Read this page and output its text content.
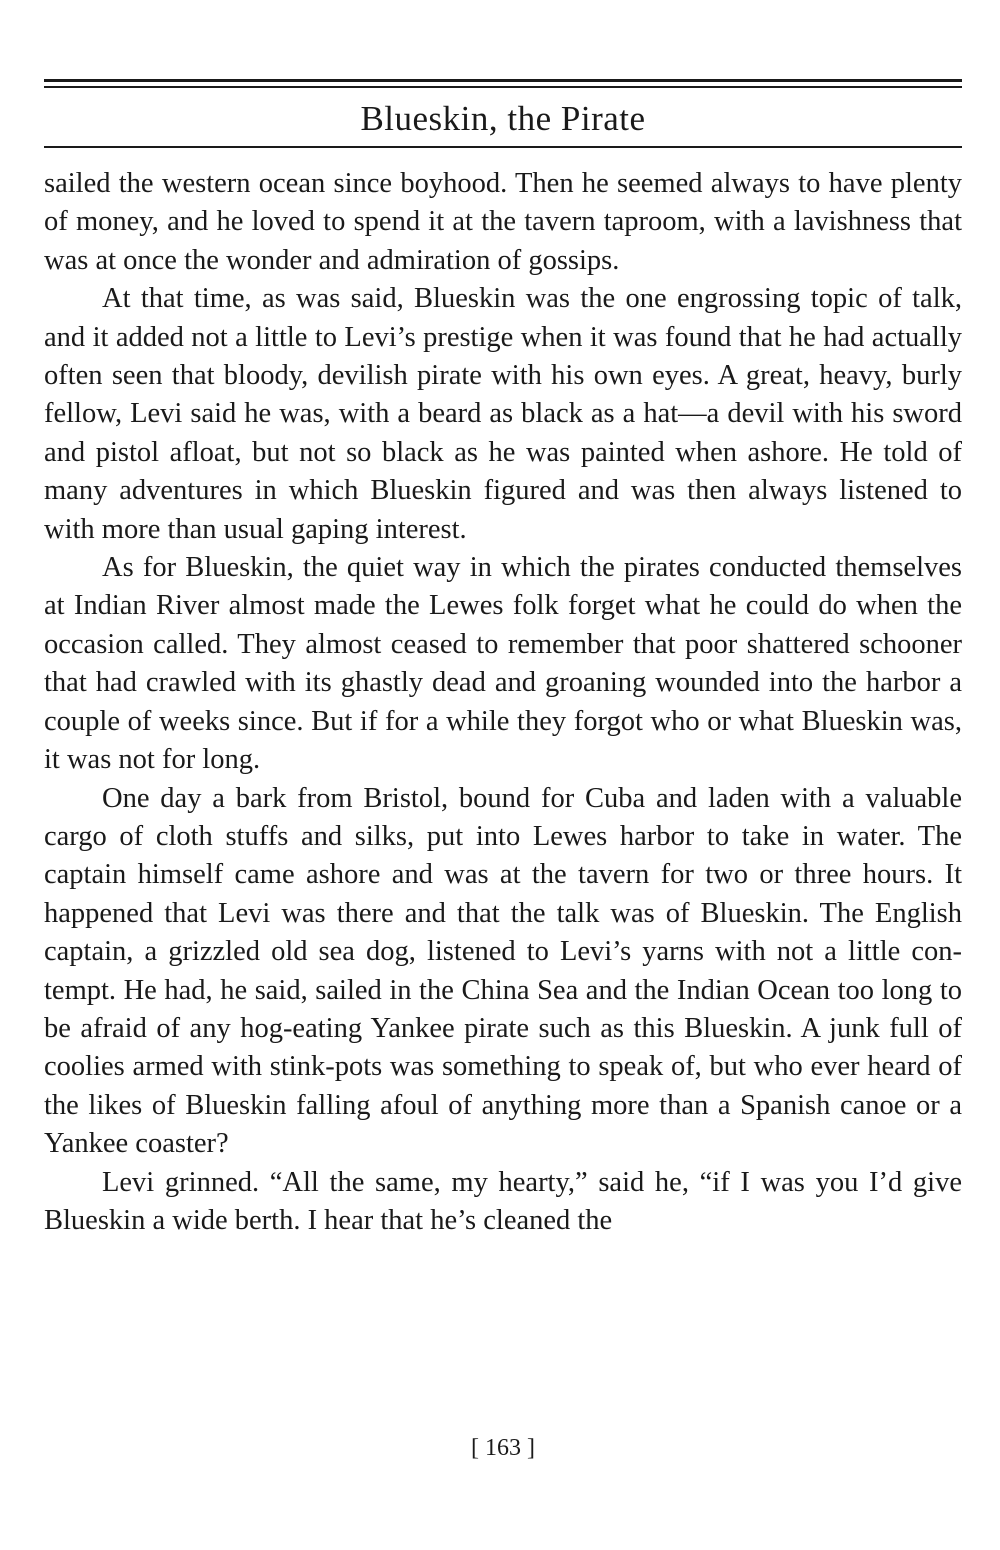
Blueskin, the Pirate

sailed the western ocean since boyhood. Then he seemed always to have plenty of money, and he loved to spend it at the tavern taproom, with a lavishness that was at once the wonder and admiration of gossips.

At that time, as was said, Blueskin was the one engrossing topic of talk, and it added not a little to Levi’s prestige when it was found that he had actually often seen that bloody, devilish pirate with his own eyes. A great, heavy, burly fellow, Levi said he was, with a beard as black as a hat—a devil with his sword and pistol afloat, but not so black as he was painted when ashore. He told of many adventures in which Blueskin figured and was then always listened to with more than usual gaping interest.

As for Blueskin, the quiet way in which the pirates conducted themselves at Indian River almost made the Lewes folk forget what he could do when the occasion called. They almost ceased to remember that poor shattered schooner that had crawled with its ghastly dead and groaning wounded into the harbor a couple of weeks since. But if for a while they forgot who or what Blueskin was, it was not for long.

One day a bark from Bristol, bound for Cuba and laden with a valuable cargo of cloth stuffs and silks, put into Lewes harbor to take in water. The captain himself came ashore and was at the tavern for two or three hours. It happened that Levi was there and that the talk was of Blueskin. The English captain, a grizzled old sea dog, listened to Levi’s yarns with not a little contempt. He had, he said, sailed in the China Sea and the Indian Ocean too long to be afraid of any hog-eating Yankee pirate such as this Blueskin. A junk full of coolies armed with stink-pots was something to speak of, but who ever heard of the likes of Blueskin falling afoul of anything more than a Spanish canoe or a Yankee coaster?

Levi grinned. “All the same, my hearty,” said he, “if I was you I’d give Blueskin a wide berth. I hear that he’s cleaned the

[ 163 ]
